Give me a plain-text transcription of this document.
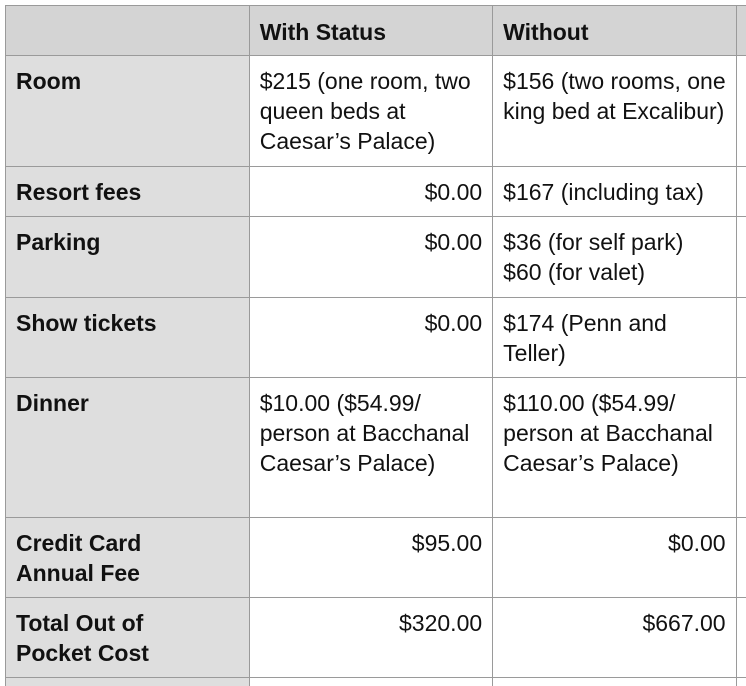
	With Status	Without	
Room	$215 (one room, two queen beds at Caesar’s Palace)	$156 (two rooms, one king bed at Excalibur)	
Resort fees	$0.00	$167 (including tax)	
Parking	$0.00	$36 (for self park) $60 (for valet)	
Show tickets	$0.00	$174 (Penn and Teller)	
Dinner	$10.00 ($54.99/ person at Bacchanal Caesar’s Palace)	$110.00 ($54.99/ person at Bacchanal Caesar’s Palace)	
Credit Card Annual Fee	$95.00	$0.00	
Total Out of Pocket Cost	$320.00	$667.00	
